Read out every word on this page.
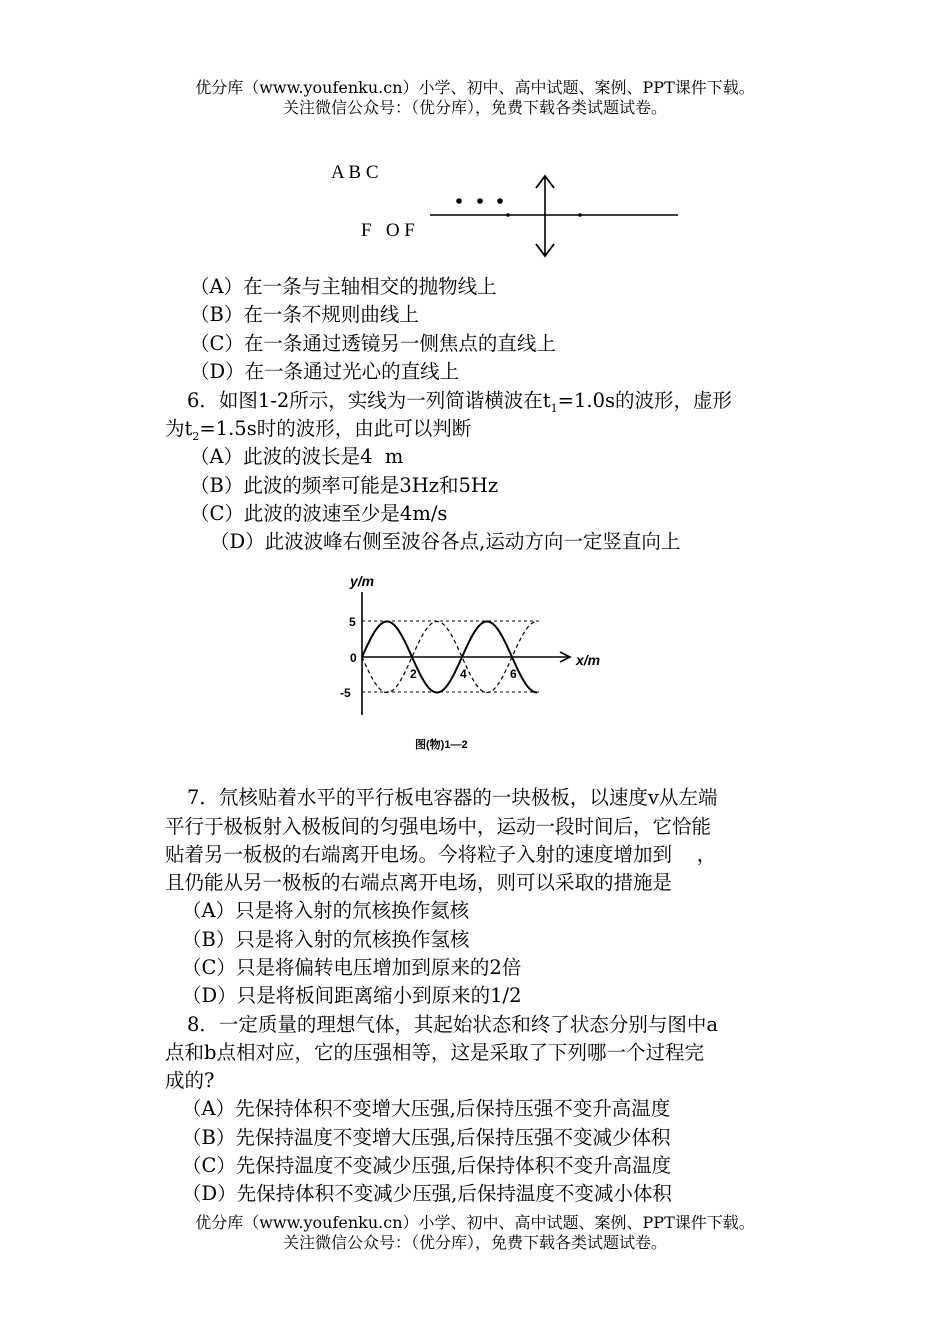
优分库（www.youfenku.cn）小学、初中、高中试题、案例、PPT课件下载。
关注微信公众号：（优分库），免费下载各类试题试卷。
A B C
F   O F
（A）在一条与主轴相交的抛物线上
（B）在一条不规则曲线上
（C）在一条通过透镜另一侧焦点的直线上
（D）在一条通过光心的直线上
6．如图1-2所示，实线为一列简谐横波在$t_1=1.0s$的波形，虚形
为$t_2=1.5s$时的波形，由此可以判断
（A）此波的波长是4  m
（B）此波的频率可能是3Hz和5Hz
（C）此波的波速至少是4m/s
（D）此波波峰右侧至波谷各点,运动方向一定竖直向上
y/m
x/m
5
0
-5
2	4	6
图(物)1—2
7．氘核贴着水平的平行板电容器的一块极板，以速度v从左端
平行于极板射入极板间的匀强电场中，运动一段时间后，它恰能
贴着另一板极的右端离开电场。今将粒子入射的速度增加到    ，
且仍能从另一极板的右端点离开电场，则可以采取的措施是
（A）只是将入射的氘核换作氦核
（B）只是将入射的氘核换作氢核
（C）只是将偏转电压增加到原来的2倍
（D）只是将板间距离缩小到原来的1/2
8．一定质量的理想气体，其起始状态和终了状态分别与图中a
点和b点相对应，它的压强相等，这是采取了下列哪一个过程完
成的?
（A）先保持体积不变增大压强,后保持压强不变升高温度
（B）先保持温度不变增大压强,后保持压强不变减少体积
（C）先保持温度不变减少压强,后保持体积不变升高温度
（D）先保持体积不变减少压强,后保持温度不变减小体积
优分库（www.youfenku.cn）小学、初中、高中试题、案例、PPT课件下载。
关注微信公众号：（优分库），免费下载各类试题试卷。
